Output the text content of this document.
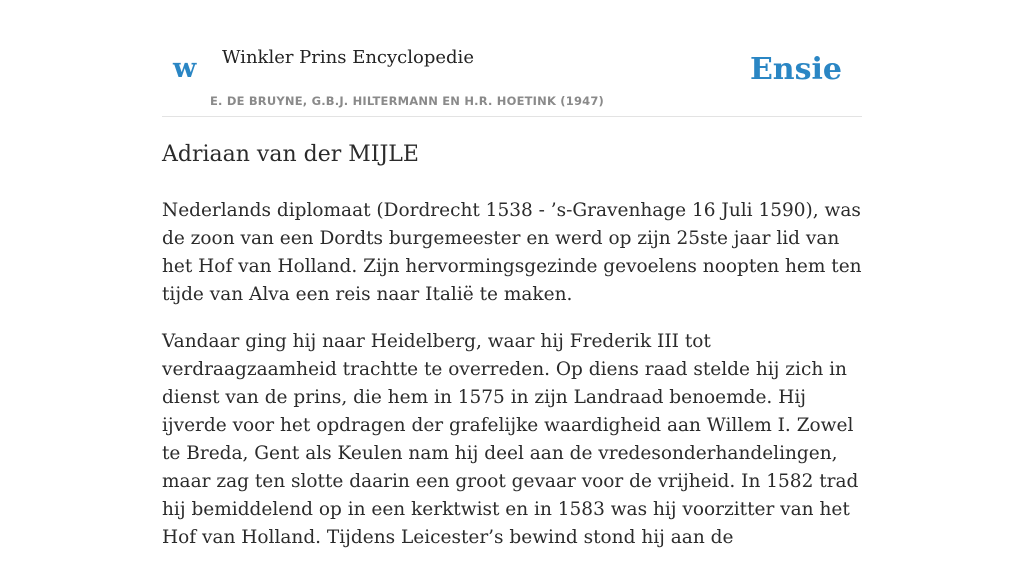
w Winkler Prins Encyclopedie
E. DE BRUYNE, G.B.J. HILTERMANN EN H.R. HOETINK (1947)
Ensie
Adriaan van der MIJLE

Nederlands diplomaat (Dordrecht 1538 - ’s-Gravenhage 16 Juli 1590), was de zoon van een Dordts burgemeester en werd op zijn 25ste jaar lid van het Hof van Holland. Zijn hervormingsgezinde gevoelens noopten hem ten tijde van Alva een reis naar Italië te maken.

Vandaar ging hij naar Heidelberg, waar hij Frederik III tot verdraagzaamheid trachtte te overreden. Op diens raad stelde hij zich in dienst van de prins, die hem in 1575 in zijn Landraad benoemde. Hij ijverde voor het opdragen der grafelijke waardigheid aan Willem I. Zowel te Breda, Gent als Keulen nam hij deel aan de vredesonderhandelingen, maar zag ten slotte daarin een groot gevaar voor de vrijheid. In 1582 trad hij bemiddelend op in een kerktwist en in 1583 was hij voorzitter van het Hof van Holland. Tijdens Leicester’s bewind stond hij aan de
